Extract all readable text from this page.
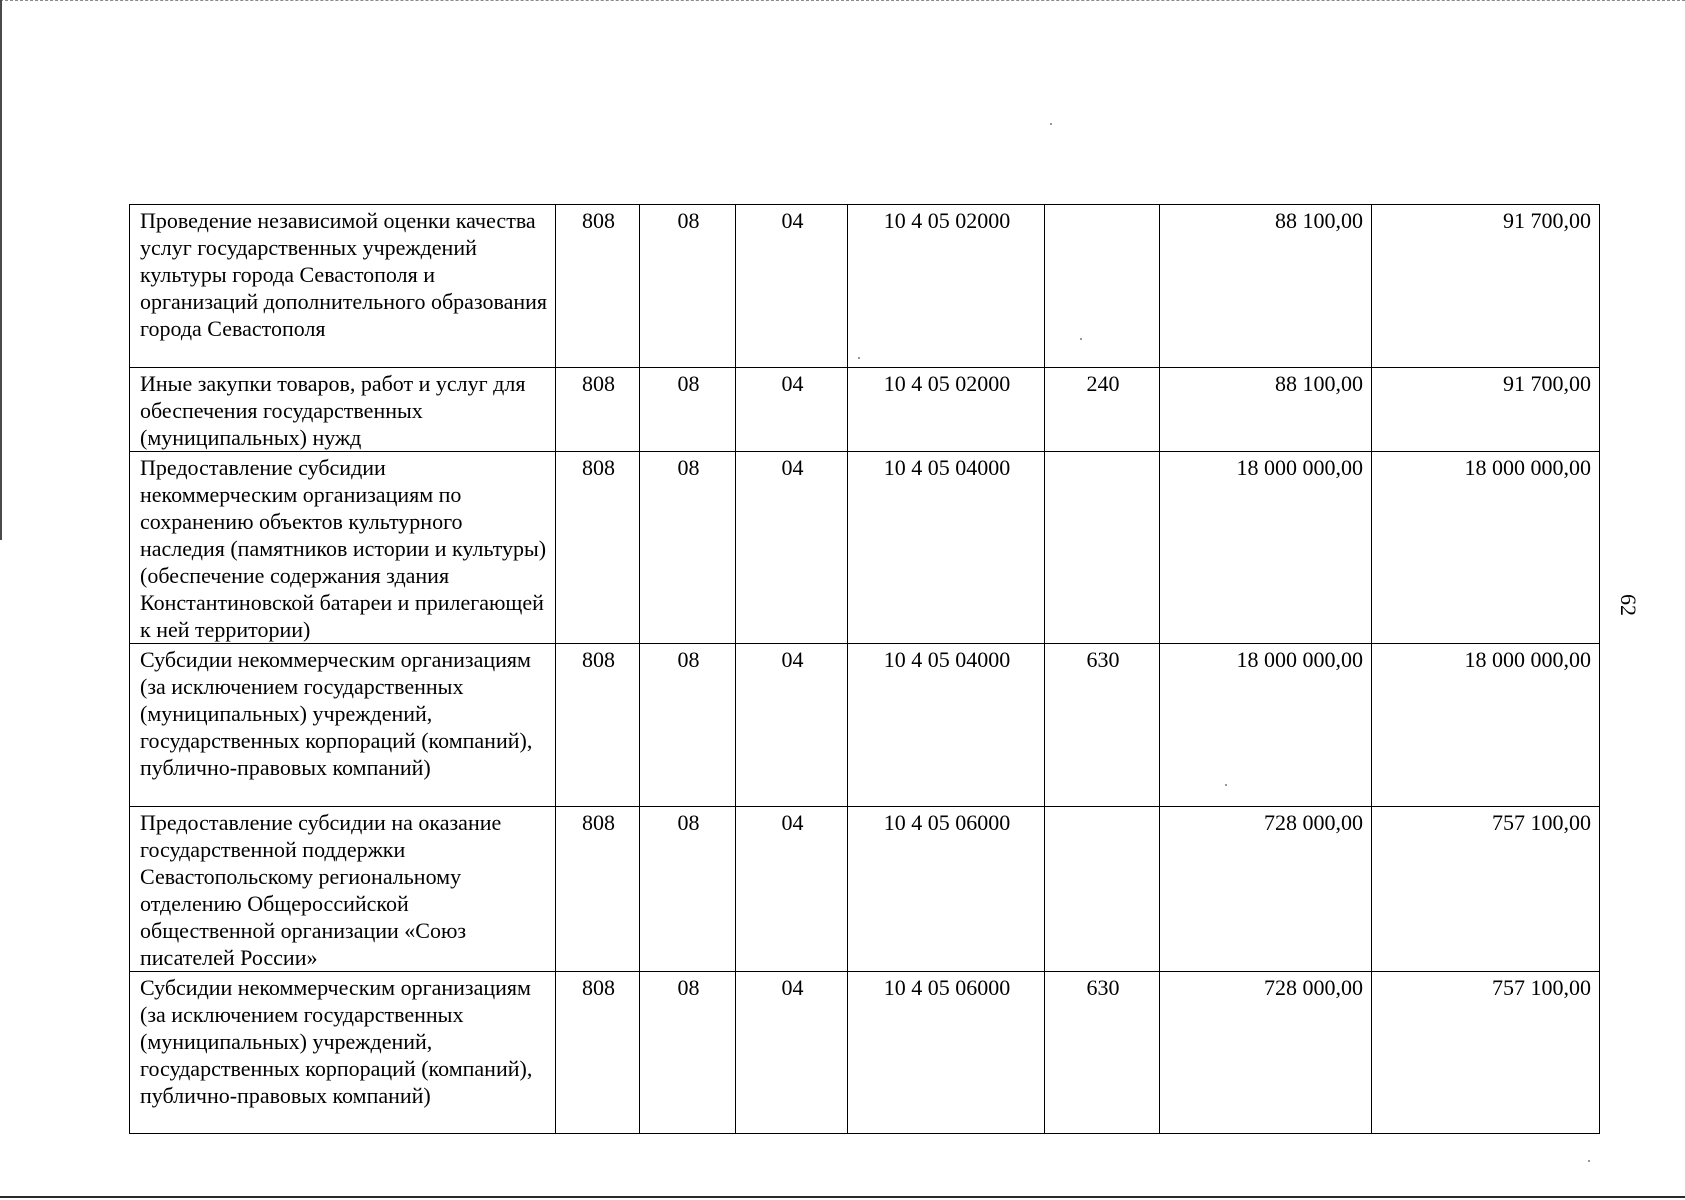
62
Проведение независимой оценки качества услуг государственных учреждений культуры города Севастополя и организаций дополнительного образования города Севастополя	808	08	04	10 4 05 02000		88 100,00	91 700,00
Иные закупки товаров, работ и услуг для обеспечения государственных (муниципальных) нужд	808	08	04	10 4 05 02000	240	88 100,00	91 700,00
Предоставление субсидии некоммерческим организациям по сохранению объектов культурного наследия (памятников истории и культуры) (обеспечение содержания здания Константиновской батареи и прилегающей к ней территории)	808	08	04	10 4 05 04000		18 000 000,00	18 000 000,00
Субсидии некоммерческим организациям (за исключением государственных (муниципальных) учреждений, государственных корпораций (компаний), публично-правовых компаний)	808	08	04	10 4 05 04000	630	18 000 000,00	18 000 000,00
Предоставление субсидии на оказание государственной поддержки Севастопольскому региональному отделению Общероссийской общественной организации «Союз писателей России»	808	08	04	10 4 05 06000		728 000,00	757 100,00
Субсидии некоммерческим организациям (за исключением государственных (муниципальных) учреждений, государственных корпораций (компаний), публично-правовых компаний)	808	08	04	10 4 05 06000	630	728 000,00	757 100,00
